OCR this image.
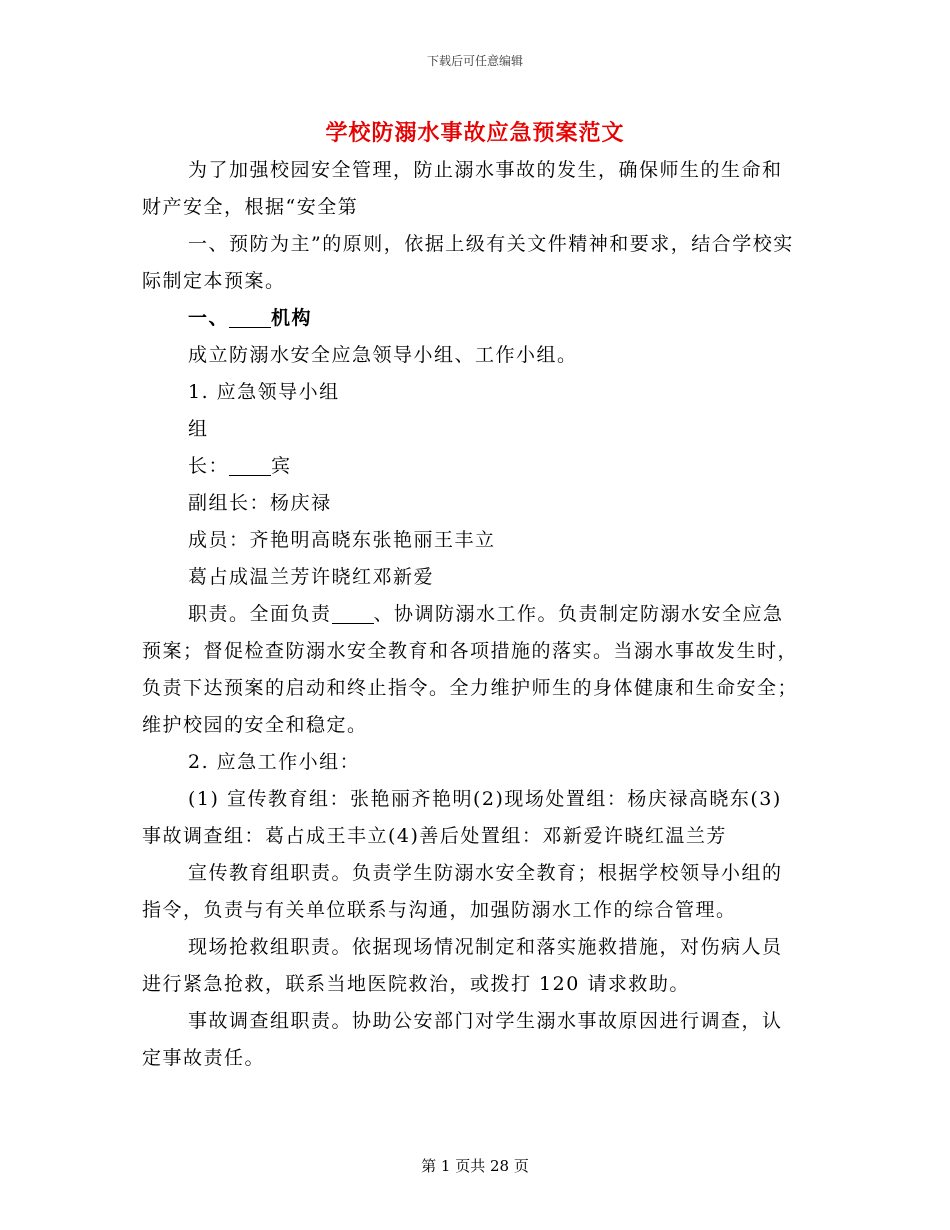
下载后可任意编辑
学校防溺水事故应急预案范文

为了加强校园安全管理，防止溺水事故的发生，确保师生的生命和财产安全，根据“安全第

一、预防为主”的原则，依据上级有关文件精神和要求，结合学校实际制定本预案。

一、 机构

成立防溺水安全应急领导小组、工作小组。

1. 应急领导小组

组

长： 宾

副组长：杨庆禄

成员：齐艳明高晓东张艳丽王丰立

葛占成温兰芳许晓红邓新爱

职责。全面负责 、协调防溺水工作。负责制定防溺水安全应急预案；督促检查防溺水安全教育和各项措施的落实。当溺水事故发生时，负责下达预案的启动和终止指令。全力维护师生的身体健康和生命安全；维护校园的安全和稳定。

2. 应急工作小组：

(1) 宣传教育组：张艳丽齐艳明(2)现场处置组：杨庆禄高晓东(3)事故调查组：葛占成王丰立(4)善后处置组：邓新爱许晓红温兰芳

宣传教育组职责。负责学生防溺水安全教育；根据学校领导小组的指令，负责与有关单位联系与沟通，加强防溺水工作的综合管理。

现场抢救组职责。依据现场情况制定和落实施救措施，对伤病人员进行紧急抢救，联系当地医院救治，或拨打 120 请求救助。

事故调查组职责。协助公安部门对学生溺水事故原因进行调查，认定事故责任。

第 1 页共 28 页
